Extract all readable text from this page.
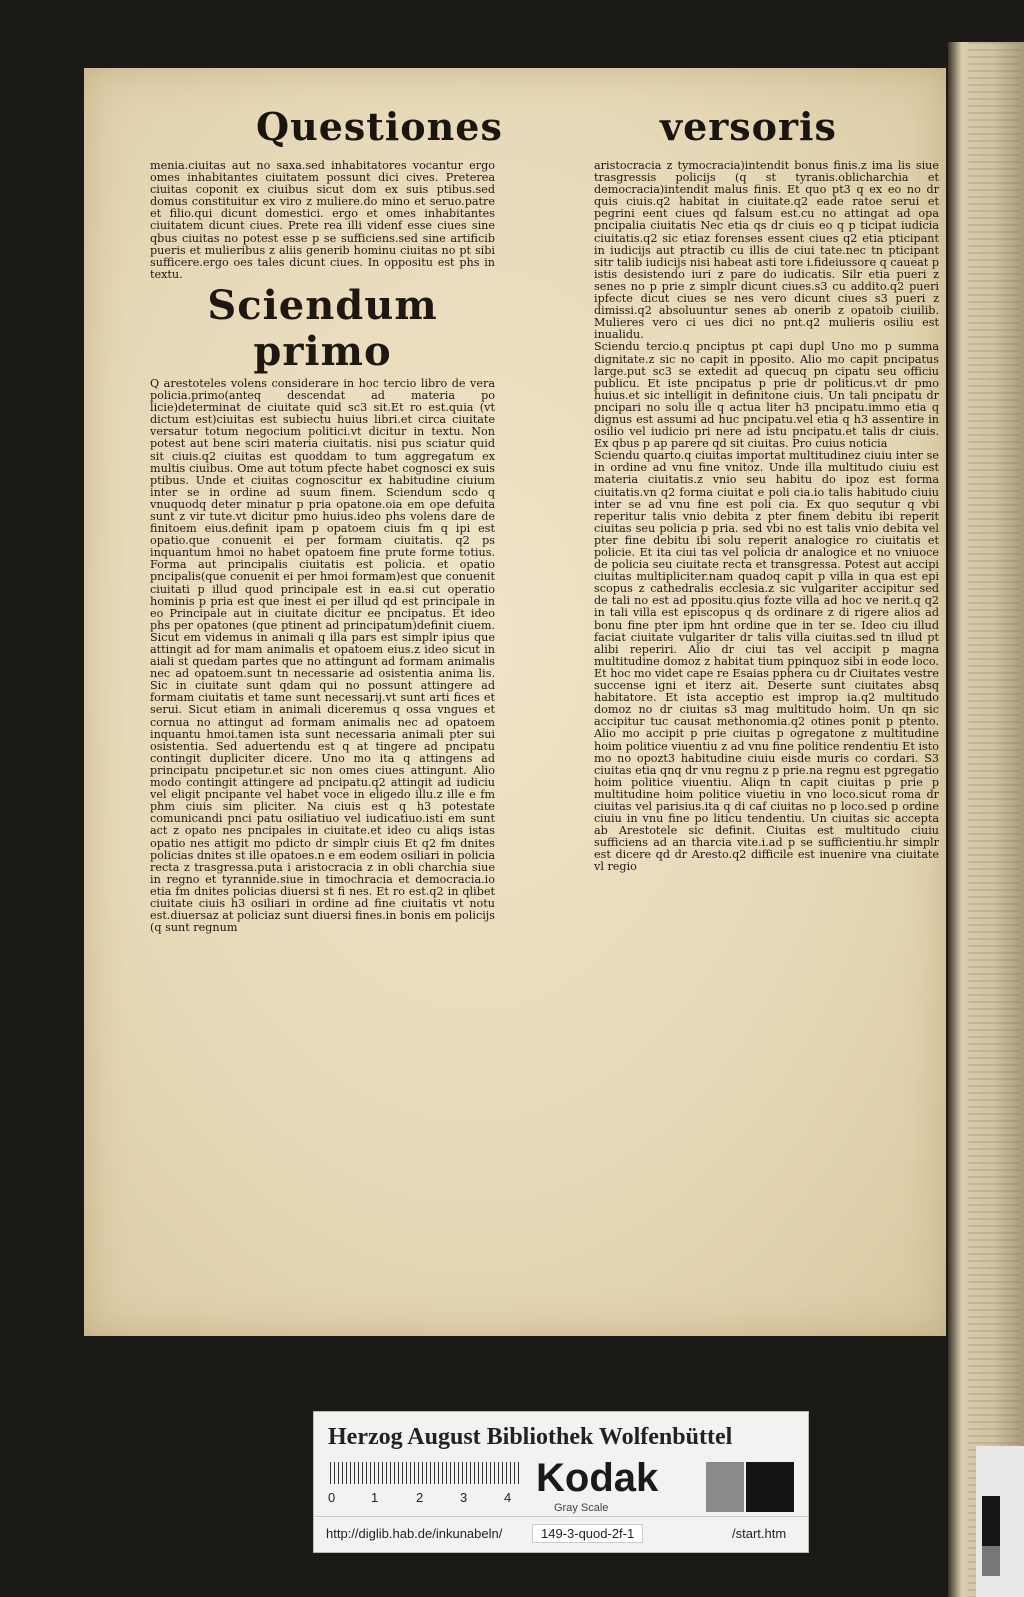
Questiones	versoris

menia.ciuitas aut no saxa.sed inhabitatores vocantur ergo omes inhabitantes ciuitatem possunt dici cives. Preterea ciuitas coponit ex ciuibus sicut dom ex suis ptibus.sed domus constituitur ex viro z muliere.do mino et seruo.patre et filio.qui dicunt domestici. ergo et omes inhabitantes ciuitatem dicunt ciues. Prete rea illi videnf esse ciues sine qbus ciuitas no potest esse p se sufficiens.sed sine artificib pueris et mulieribus z aliis generib hominu ciuitas no pt sibi sufficere.ergo oes tales dicunt ciues. In oppositu est phs in textu.

Sciendum primo

Q arestoteles volens considerare in hoc tercio libro de vera policia.primo(anteq descendat ad materia po licie)determinat de ciuitate quid sc3 sit.Et ro est.quia (vt dictum est)ciuitas est subiectu huius libri.et circa ciuitate versatur totum negocium politici.vt dicitur in textu. Non potest aut bene sciri materia ciuitatis. nisi pus sciatur quid sit ciuis.q2 ciuitas est quoddam to tum aggregatum ex multis ciuibus. Ome aut totum pfecte habet cognosci ex suis ptibus. Unde et ciuitas cognoscitur ex habitudine ciuium inter se in ordine ad suum finem. Sciendum scdo q vnuquodq deter minatur p pria opatone.oia em ope defuita sunt z vir tute.vt dicitur pmo huius.ideo phs volens dare de finitoem eius.definit ipam p opatoem ciuis fm q ipi est opatio.que conuenit ei per formam ciuitatis. q2 ps inquantum hmoi no habet opatoem fine prute forme totius. Forma aut principalis ciuitatis est policia. et opatio pncipalis(que conuenit ei per hmoi formam)est que conuenit ciuitati p illud quod principale est in ea.si cut operatio hominis p pria est que inest ei per illud qd est principale in eo Principale aut in ciuitate dicitur ee pncipatus. Et ideo phs per opatones (que ptinent ad principatum)definit ciuem. Sicut em videmus in animali q illa pars est simplr ipius que attingit ad for mam animalis et opatoem eius.z ideo sicut in aiali st quedam partes que no attingunt ad formam animalis nec ad opatoem.sunt tn necessarie ad osistentia anima lis. Sic in ciuitate sunt qdam qui no possunt attingere ad formam ciuitatis et tame sunt necessarij.vt sunt arti fices et serui. Sicut etiam in animali diceremus q ossa vngues et cornua no attingut ad formam animalis nec ad opatoem inquantu hmoi.tamen ista sunt necessaria animali pter sui osistentia. Sed aduertendu est q at tingere ad pncipatu contingit dupliciter dicere. Uno mo ita q attingens ad principatu pncipetur.et sic non omes ciues attingunt. Alio modo contingit attingere ad pncipatu.q2 attingit ad iudiciu vel eligit pncipante vel habet voce in eligedo illu.z ille e fm phm ciuis sim pliciter. Na ciuis est q h3 potestate comunicandi pnci patu osiliatiuo vel iudicatiuo.isti em sunt act z opato nes pncipales in ciuitate.et ideo cu aliqs istas opatio nes attigit mo pdicto dr simplr ciuis Et q2 fm dnites policias dnites st ille opatoes.n e em eodem osiliari in policia recta z trasgressa.puta i aristocracia z in obli charchia siue in regno et tyrannide.siue in timochracia et democracia.io etia fm dnites policias diuersi st fi nes. Et ro est.q2 in qlibet ciuitate ciuis h3 osiliari in ordine ad fine ciuitatis vt notu est.diuersaz at policiaz sunt diuersi fines.in bonis em policijs (q sunt regnum

aristocracia z tymocracia)intendit bonus finis.z ima lis siue trasgressis policijs (q st tyranis.oblicharchia et democracia)intendit malus finis. Et quo pt3 q ex eo no dr quis ciuis.q2 habitat in ciuitate.q2 eade ratoe serui et pegrini eent ciues qd falsum est.cu no attingat ad opa pncipalia ciuitatis Nec etia qs dr ciuis eo q p ticipat iudicia ciuitatis.q2 sic etiaz forenses essent ciues q2 etia pticipant in iudicijs aut ptractib cu illis de ciui tate.nec tn pticipant sitr talib iudicijs nisi habeat asti tore i.fideiussore q caueat p istis desistendo iuri z pare do iudicatis. Silr etia pueri z senes no p prie z simplr dicunt ciues.s3 cu addito.q2 pueri ipfecte dicut ciues se nes vero dicunt ciues s3 pueri z dimissi.q2 absoluuntur senes ab onerib z opatoib ciuilib. Mulieres vero ci ues dici no pnt.q2 mulieris osiliu est inualidu.

Sciendu tercio.q pnciptus pt capi dupl Uno mo p summa dignitate.z sic no capit in pposito. Alio mo capit pncipatus large.put sc3 se extedit ad quecuq pn cipatu seu officiu publicu. Et iste pncipatus p prie dr politicus.vt dr pmo huius.et sic intelligit in definitone ciuis. Un tali pncipatu dr pncipari no solu ille q actua liter h3 pncipatu.immo etia q dignus est assumi ad huc pncipatu.vel etia q h3 assentire in osilio vel iudicio pri nere ad istu pncipatu.et talis dr ciuis. Ex qbus p ap parere qd sit ciuitas. Pro cuius noticia

Sciendu quarto.q ciuitas importat multitudinez ciuiu inter se in ordine ad vnu fine vnitoz. Unde illa multitudo ciuiu est materia ciuitatis.z vnio seu habitu do ipoz est forma ciuitatis.vn q2 forma ciuitat e poli cia.io talis habitudo ciuiu inter se ad vnu fine est poli cia. Ex quo sequtur q vbi reperitur talis vnio debita z pter finem debitu ibi reperit ciuitas seu policia p pria. sed vbi no est talis vnio debita vel pter fine debitu ibi solu reperit analogice ro ciuitatis et policie. Et ita ciui tas vel policia dr analogice et no vniuoce de policia seu ciuitate recta et transgressa. Potest aut accipi ciuitas multipliciter.nam quadoq capit p villa in qua est epi scopus z cathedralis ecclesia.z sic vulgariter accipitur sed de tali no est ad ppositu.qius fozte villa ad hoc ve nerit.q q2 in tali villa est episcopus q ds ordinare z di rigere alios ad bonu fine pter ipm hnt ordine que in ter se. Ideo ciu illud faciat ciuitate vulgariter dr talis villa ciuitas.sed tn illud pt alibi reperiri. Alio dr ciui tas vel accipit p magna multitudine domoz z habitat tium ppinquoz sibi in eode loco. Et hoc mo videt cape re Esaias pphera cu dr Ciuitates vestre succense igni et iterz ait. Deserte sunt ciuitates absq habitatore. Et ista acceptio est improp ia.q2 multitudo domoz no dr ciuitas s3 mag multitudo hoim. Un qn sic accipitur tuc causat methonomia.q2 otines ponit p ptento. Alio mo accipit p prie ciuitas p ogregatone z multitudine hoim politice viuentiu z ad vnu fine politice rendentiu Et isto mo no opozt3 habitudine ciuiu eisde muris co cordari. S3 ciuitas etia qnq dr vnu regnu z p prie.na regnu est pgregatio hoim politice viuentiu. Aliqn tn capit ciuitas p prie p multitudine hoim politice viuetiu in vno loco.sicut roma dr ciuitas vel parisius.ita q di caf ciuitas no p loco.sed p ordine ciuiu in vnu fine po liticu tendentiu. Un ciuitas sic accepta ab Arestotele sic definit. Ciuitas est multitudo ciuiu sufficiens ad an tharcia vite.i.ad p se sufficientiu.hr simplr est dicere qd dr Aresto.q2 difficile est inuenire vna ciuitate vl regio

Herzog August Bibliothek Wolfenbüttel
0	1	2	3	4 Kodak
Gray Scale
http://diglib.hab.de/inkunabeln/	149-3-quod-2f-1	/start.htm
